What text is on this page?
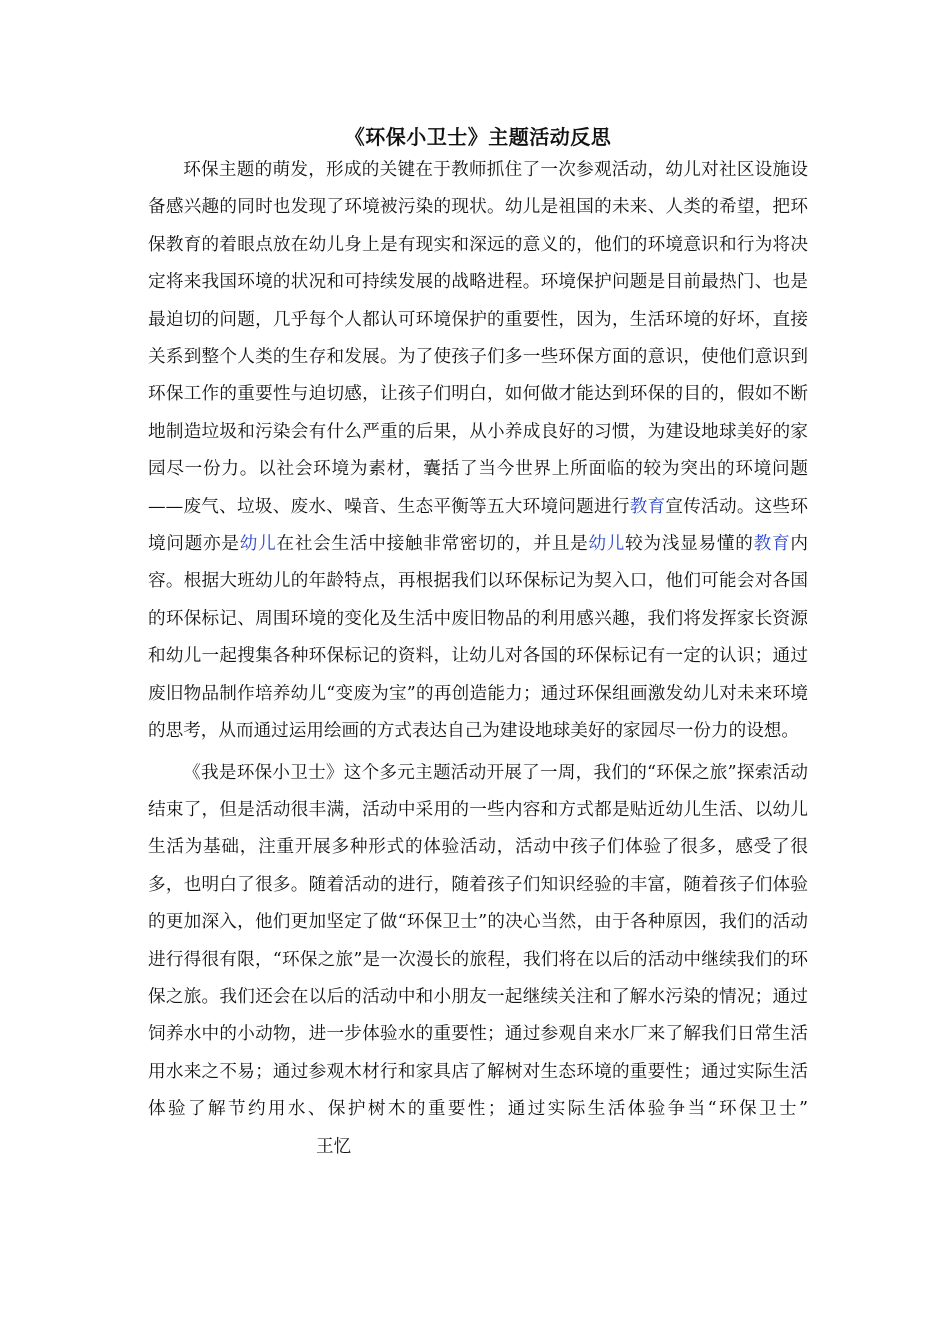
《环保小卫士》主题活动反思

环保主题的萌发，形成的关键在于教师抓住了一次参观活动，幼儿对社区设施设备感兴趣的同时也发现了环境被污染的现状。幼儿是祖国的未来、人类的希望，把环保教育的着眼点放在幼儿身上是有现实和深远的意义的，他们的环境意识和行为将决定将来我国环境的状况和可持续发展的战略进程。环境保护问题是目前最热门、也是最迫切的问题，几乎每个人都认可环境保护的重要性，因为，生活环境的好坏，直接关系到整个人类的生存和发展。为了使孩子们多一些环保方面的意识，使他们意识到环保工作的重要性与迫切感，让孩子们明白，如何做才能达到环保的目的，假如不断地制造垃圾和污染会有什么严重的后果，从小养成良好的习惯，为建设地球美好的家园尽一份力。以社会环境为素材，囊括了当今世界上所面临的较为突出的环境问题——废气、垃圾、废水、噪音、生态平衡等五大环境问题进行教育宣传活动。这些环境问题亦是幼儿在社会生活中接触非常密切的，并且是幼儿较为浅显易懂的教育内容。根据大班幼儿的年龄特点，再根据我们以环保标记为契入口，他们可能会对各国的环保标记、周围环境的变化及生活中废旧物品的利用感兴趣，我们将发挥家长资源和幼儿一起搜集各种环保标记的资料，让幼儿对各国的环保标记有一定的认识；通过废旧物品制作培养幼儿“变废为宝”的再创造能力；通过环保组画激发幼儿对未来环境的思考，从而通过运用绘画的方式表达自己为建设地球美好的家园尽一份力的设想。

《我是环保小卫士》这个多元主题活动开展了一周，我们的“环保之旅”探索活动结束了，但是活动很丰满，活动中采用的一些内容和方式都是贴近幼儿生活、以幼儿生活为基础，注重开展多种形式的体验活动，活动中孩子们体验了很多，感受了很多，也明白了很多。随着活动的进行，随着孩子们知识经验的丰富，随着孩子们体验的更加深入，他们更加坚定了做“环保卫士”的决心当然，由于各种原因，我们的活动进行得很有限，“环保之旅”是一次漫长的旅程，我们将在以后的活动中继续我们的环保之旅。我们还会在以后的活动中和小朋友一起继续关注和了解水污染的情况；通过饲养水中的小动物，进一步体验水的重要性；通过参观自来水厂来了解我们日常生活用水来之不易；通过参观木材行和家具店了解树对生态环境的重要性；通过实际生活体验了解节约用水、保护树木的重要性；通过实际生活体验争当“环保卫士”王忆
